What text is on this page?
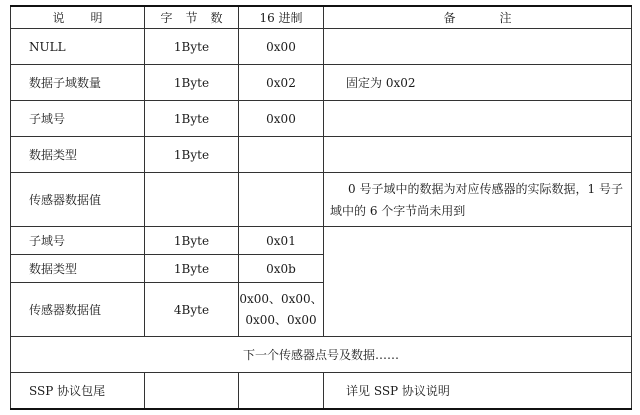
说明	字节数	16 进制	备注
NULL	1Byte	0x00	
数据子域数量	1Byte	0x02	固定为 0x02
子域号	1Byte	0x00	
数据类型	1Byte		
传感器数据值			0 号子域中的数据为对应传感器的实际数据，1 号子域中的 6 个字节尚未用到
子域号	1Byte	0x01	
数据类型	1Byte	0x0b	
传感器数据值	4Byte	0x00、0x00、
0x00、0x00	

下一个传感器点号及数据……			
SSP 协议包尾			详见 SSP 协议说明
